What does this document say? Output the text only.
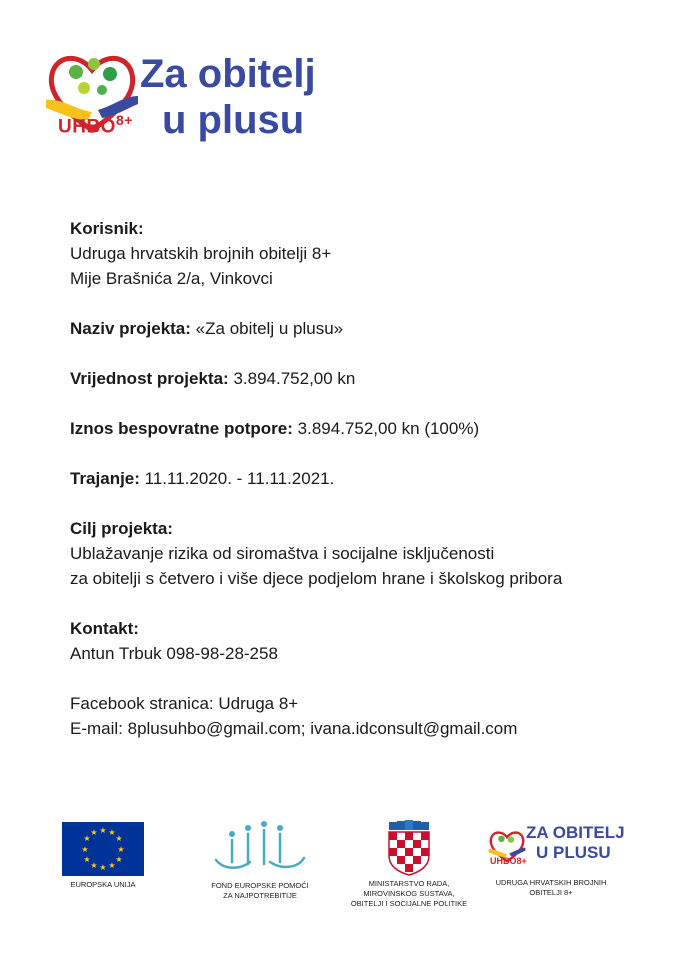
$UHBO^{8+}$
Za obitelj
u plusu

Korisnik:
Udruga hrvatskih brojnih obitelji 8+
Mije Brašnića 2/a, Vinkovci

Naziv projekta: «Za obitelj u plusu»

Vrijednost projekta: 3.894.752,00 kn

Iznos bespovratne potpore: 3.894.752,00 kn (100%)

Trajanje: 11.11.2020. - 11.11.2021.

Cilj projekta:
Ublažavanje rizika od siromaštva i socijalne isključenosti
za obitelji s četvero i više djece podjelom hrane i školskog pribora

Kontakt:
Antun Trbuk 098-98-28-258

Facebook stranica: Udruga 8+
E-mail: 8plusuhbo@gmail.com; ivana.idconsult@gmail.com

★ ★
★
★
★
★
★
★
★
★
★
★
EUROPSKA UNIJA	FOND EUROPSKE POMOĆI
ZA NAJPOTREBITIJE
MINISTARSTVO RADA,
MIROVINSKOG SUSTAVA,
OBITELJI I SOCIJALNE POLITIKE
ZA OBITELJ
U PLUSU
UHBO8+
UDRUGA HRVATSKIH BROJNIH
OBITELJI 8+
